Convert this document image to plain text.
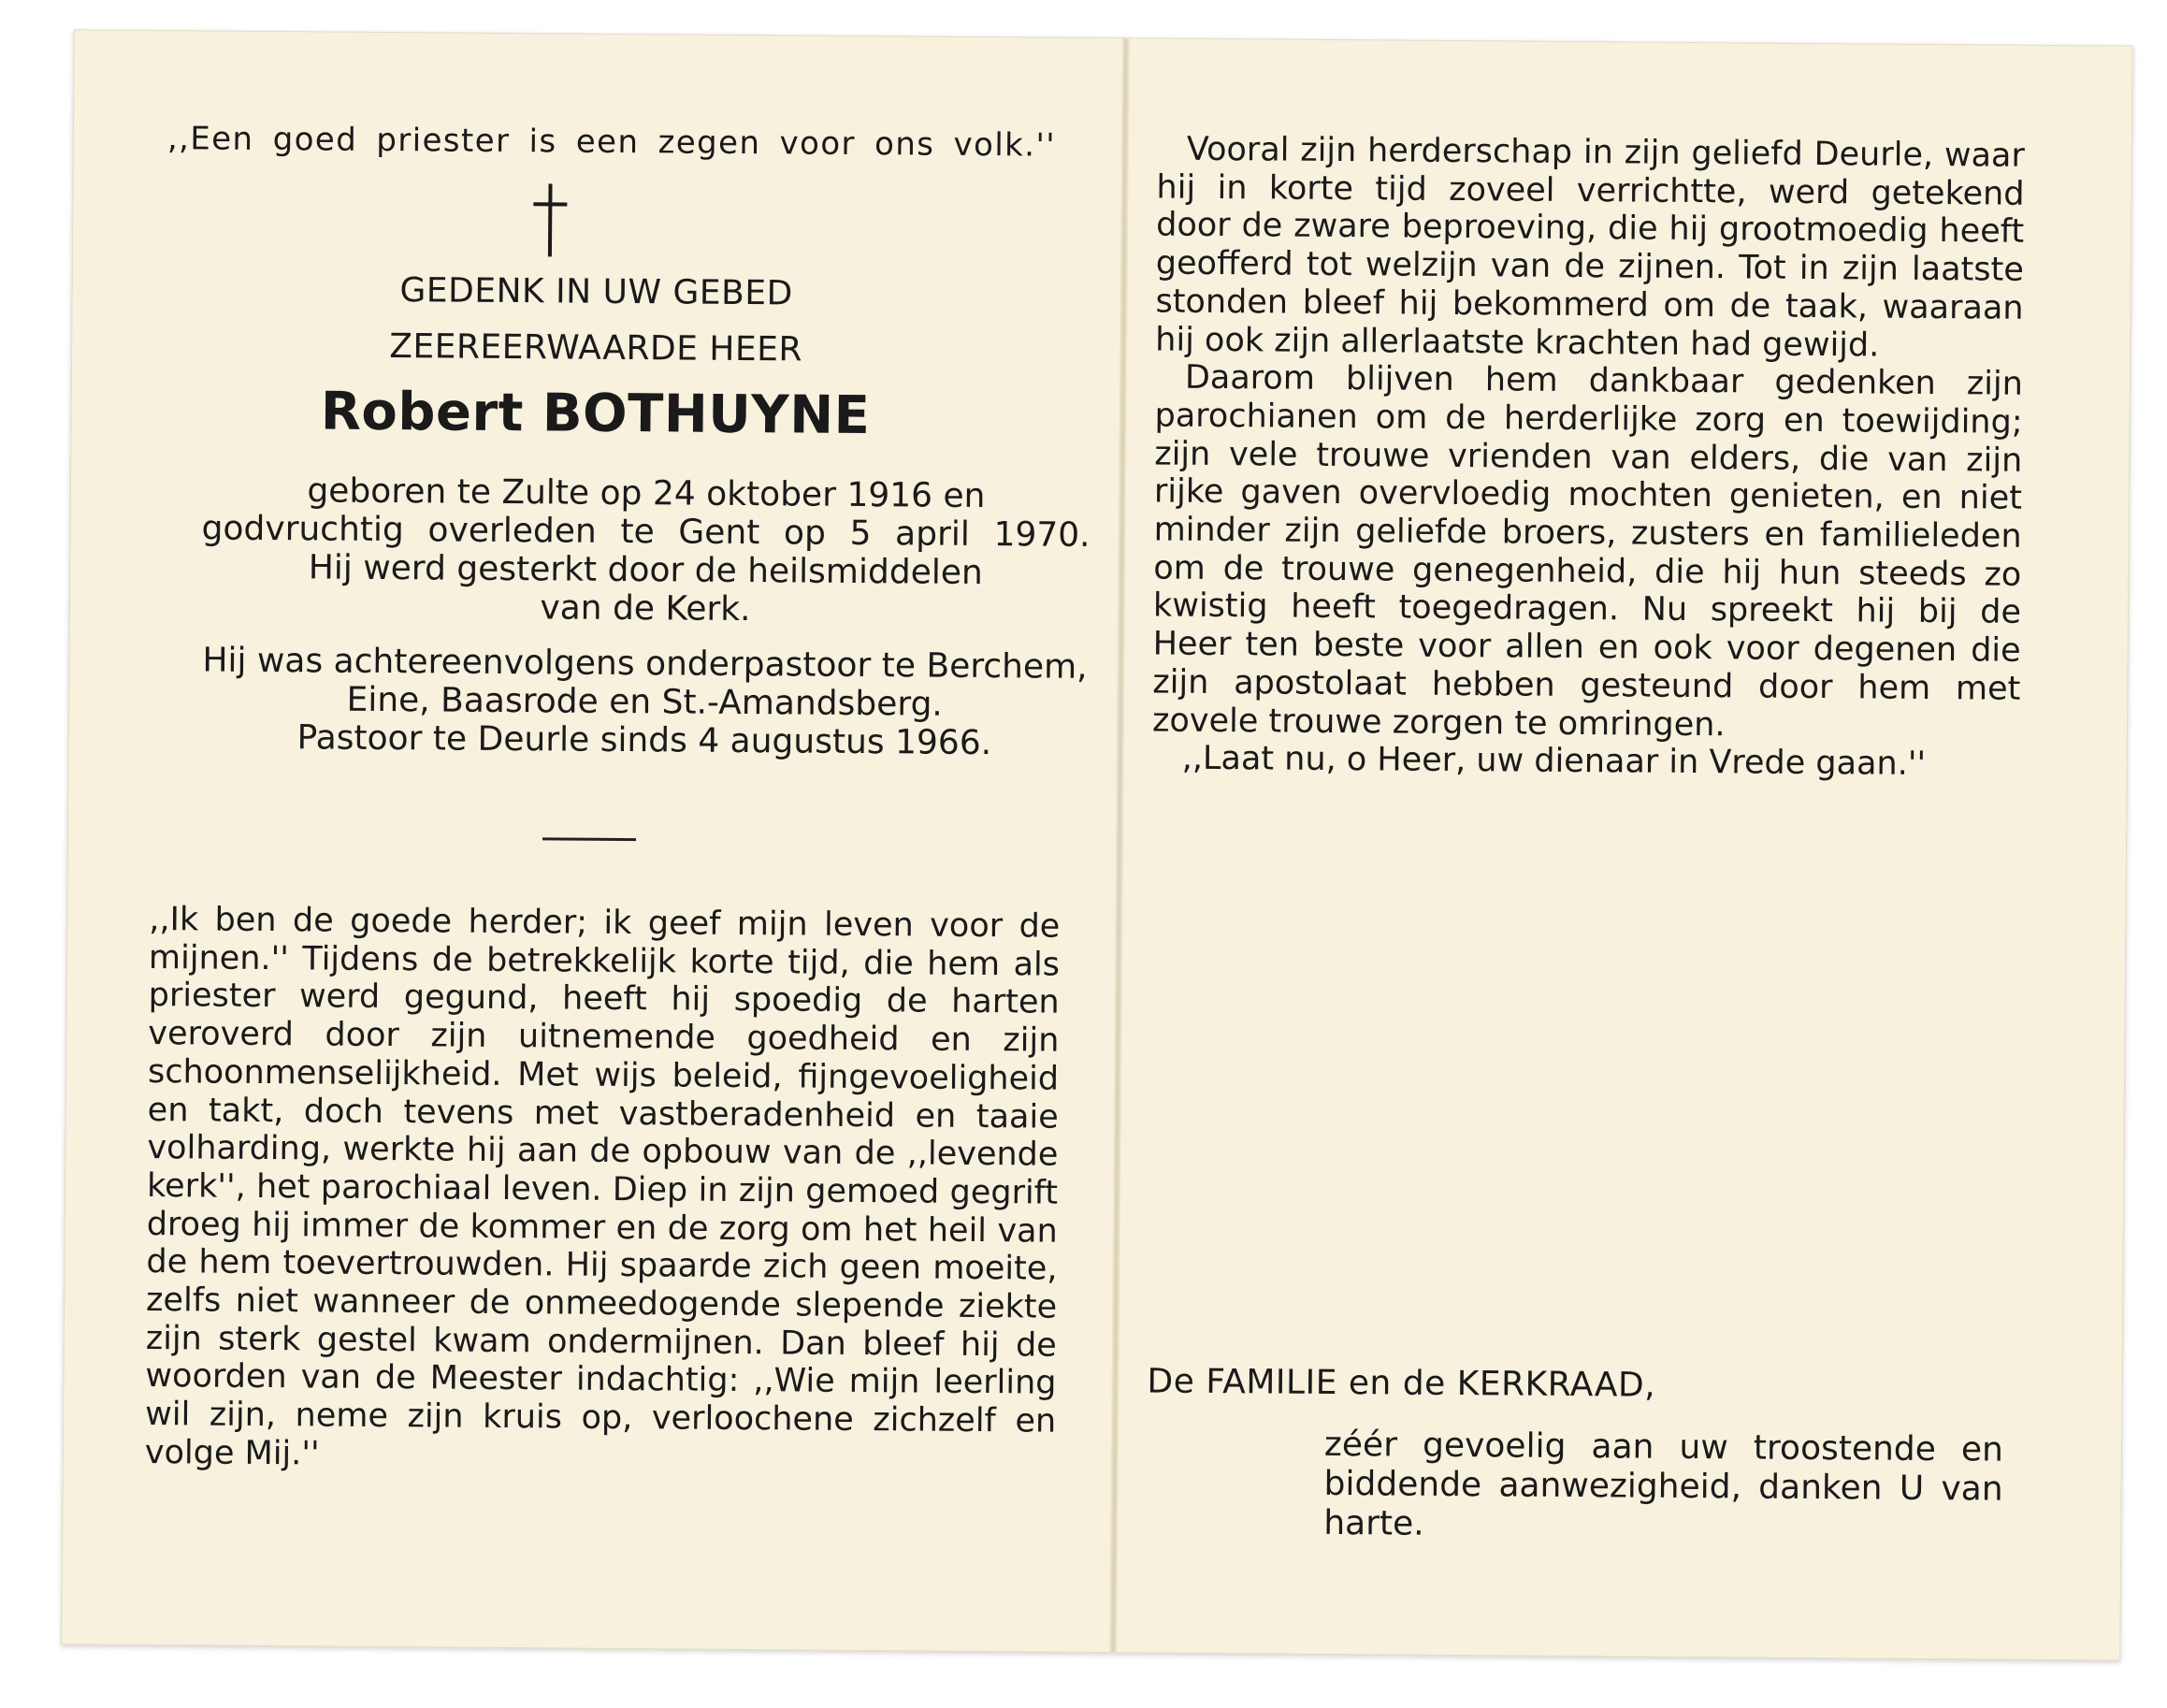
,,Een goed priester is een zegen voor ons volk.''
GEDENK IN UW GEBED
ZEEREERWAARDE HEER
Robert BOTHUYNE
geboren te Zulte op 24 oktober 1916 en
godvruchtig overleden te Gent op 5 april 1970.
Hij werd gesterkt door de heilsmiddelen
van de Kerk.
Hij was achtereenvolgens onderpastoor te Berchem,
Eine, Baasrode en St.-Amandsberg.
Pastoor te Deurle sinds 4 augustus 1966.

,,Ik ben de goede herder; ik geef mijn leven voor de mijnen.'' Tijdens de betrekkelijk korte tijd, die hem als priester werd gegund, heeft hij spoedig de harten veroverd door zijn uitnemende goedheid en zijn schoonmenselijkheid. Met wijs beleid, fijngevoeligheid en takt, doch tevens met vastberadenheid en taaie volharding, werkte hij aan de opbouw van de ,,levende kerk'', het parochiaal leven. Diep in zijn gemoed gegrift droeg hij immer de kommer en de zorg om het heil van de hem toevertrouwden. Hij spaarde zich geen moeite, zelfs niet wanneer de onmeedogende slepende ziekte zijn sterk gestel kwam ondermijnen. Dan bleef hij de woorden van de Meester indachtig: ,,Wie mijn leerling wil zijn, neme zijn kruis op, verloochene zichzelf en volge Mij.''

Vooral zijn herderschap in zijn geliefd Deurle, waar hij in korte tijd zoveel verrichtte, werd getekend door de zware beproeving, die hij grootmoedig heeft geofferd tot welzijn van de zijnen. Tot in zijn laatste stonden bleef hij bekommerd om de taak, waaraan hij ook zijn allerlaatste krachten had gewijd.

Daarom blijven hem dankbaar gedenken zijn parochianen om de herderlijke zorg en toewijding; zijn vele trouwe vrienden van elders, die van zijn rijke gaven overvloedig mochten genieten, en niet minder zijn geliefde broers, zusters en familieleden om de trouwe genegenheid, die hij hun steeds zo kwistig heeft toegedragen. Nu spreekt hij bij de Heer ten beste voor allen en ook voor degenen die zijn apostolaat hebben gesteund door hem met zovele trouwe zorgen te omringen.

,,Laat nu, o Heer, uw dienaar in Vrede gaan.''

De FAMILIE en de KERKRAAD,

zéér gevoelig aan uw troostende en biddende aanwezigheid, danken U van harte.
